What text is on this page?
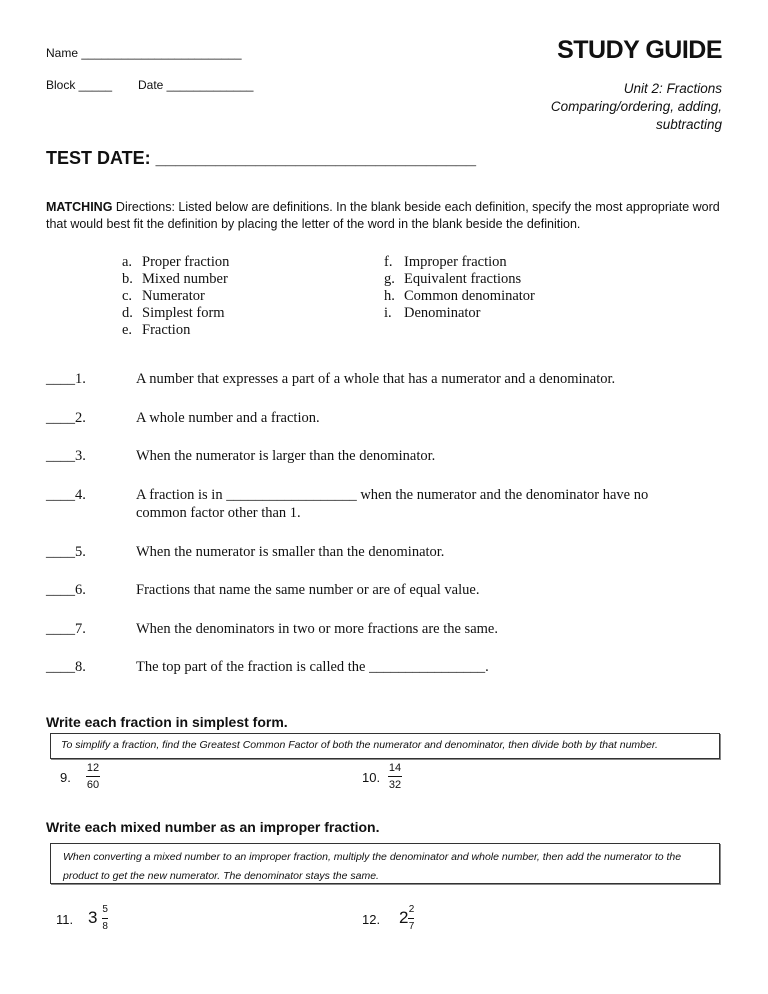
Name ________________________
Block _____ Date _____________
STUDY GUIDE
Unit 2: Fractions
Comparing/ordering, adding,
subtracting
TEST DATE: ________________________________
MATCHING Directions: Listed below are definitions. In the blank beside each definition, specify the most appropriate word that would best fit the definition by placing the letter of the word in the blank beside the definition.
a. Proper fraction
b. Mixed number
c. Numerator
d. Simplest form
e. Fraction
f. Improper fraction
g. Equivalent fractions
h. Common denominator
i. Denominator
____1.	A number that expresses a part of a whole that has a numerator and a denominator.
____2.	A whole number and a fraction.
____3.	When the numerator is larger than the denominator.
____4.	A fraction is in __________________ when the numerator and the denominator have no
common factor other than 1.
____5.	When the numerator is smaller than the denominator.
____6.	Fractions that name the same number or are of equal value.
____7.	When the denominators in two or more fractions are the same.
____8.	The top part of the fraction is called the ________________.
Write each fraction in simplest form.
To simplify a fraction, find the Greatest Common Factor of both the numerator and denominator, then divide both by that number.
9. $\frac{12}{60}$	10. $\frac{14}{32}$
Write each mixed number as an improper fraction.
When converting a mixed number to an improper fraction, multiply the denominator and whole number, then add the numerator to the product to get the new numerator. The denominator stays the same.
11. $3 \frac{5}{8}$	12. $2 \frac{2}{7}$
